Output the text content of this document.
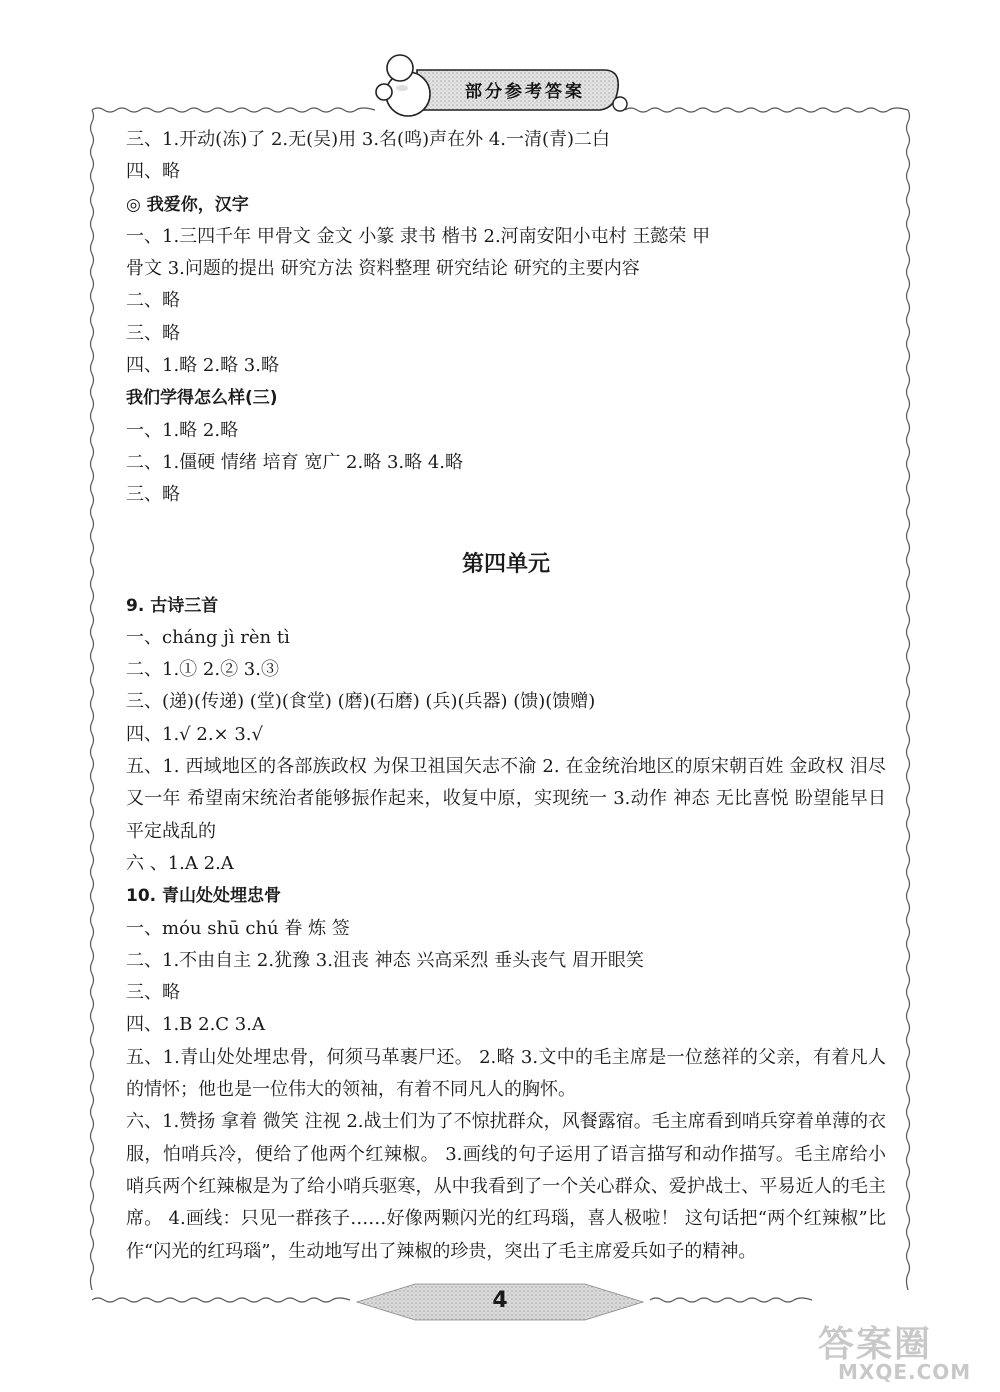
部分参考答案
三、1.开动(冻)了 2.无(吴)用 3.名(鸣)声在外 4.一清(青)二白
四、略
◎ 我爱你，汉字
一、1.三四千年 甲骨文 金文 小篆 隶书 楷书 2.河南安阳小屯村 王懿荣 甲
骨文 3.问题的提出 研究方法 资料整理 研究结论 研究的主要内容
二、略
三、略
四、1.略 2.略 3.略
我们学得怎么样(三)
一、1.略 2.略
二、1.僵硬 情绪 培育 宽广 2.略 3.略 4.略
三、略
第四单元
9. 古诗三首
一、cháng jì rèn tì
二、1.① 2.② 3.③
三、(递)(传递) (堂)(食堂) (磨)(石磨) (兵)(兵器) (馈)(馈赠)
四、1.√ 2.× 3.√
五、1. 西域地区的各部族政权 为保卫祖国矢志不渝 2. 在金统治地区的原宋朝百姓 金政权 泪尽 又一年 希望南宋统治者能够振作起来，收复中原，实现统一 3.动作 神态 无比喜悦 盼望能早日平定战乱的
六 、1.A 2.A
10. 青山处处埋忠骨
一、móu shū chú 眷 炼 签
二、1.不由自主 2.犹豫 3.沮丧 神态 兴高采烈 垂头丧气 眉开眼笑
三、略
四、1.B 2.C 3.A
五、1.青山处处埋忠骨，何须马革裹尸还。 2.略 3.文中的毛主席是一位慈祥的父亲，有着凡人的情怀；他也是一位伟大的领袖，有着不同凡人的胸怀。
六、1.赞扬 拿着 微笑 注视 2.战士们为了不惊扰群众，风餐露宿。毛主席看到哨兵穿着单薄的衣服，怕哨兵冷，便给了他两个红辣椒。 3.画线的句子运用了语言描写和动作描写。毛主席给小哨兵两个红辣椒是为了给小哨兵驱寒，从中我看到了一个关心群众、爱护战士、平易近人的毛主席。 4.画线：只见一群孩子……好像两颗闪光的红玛瑙，喜人极啦！ 这句话把“两个红辣椒”比作“闪光的红玛瑙”，生动地写出了辣椒的珍贵，突出了毛主席爱兵如子的精神。
4
答案圈
MXQE.COM
